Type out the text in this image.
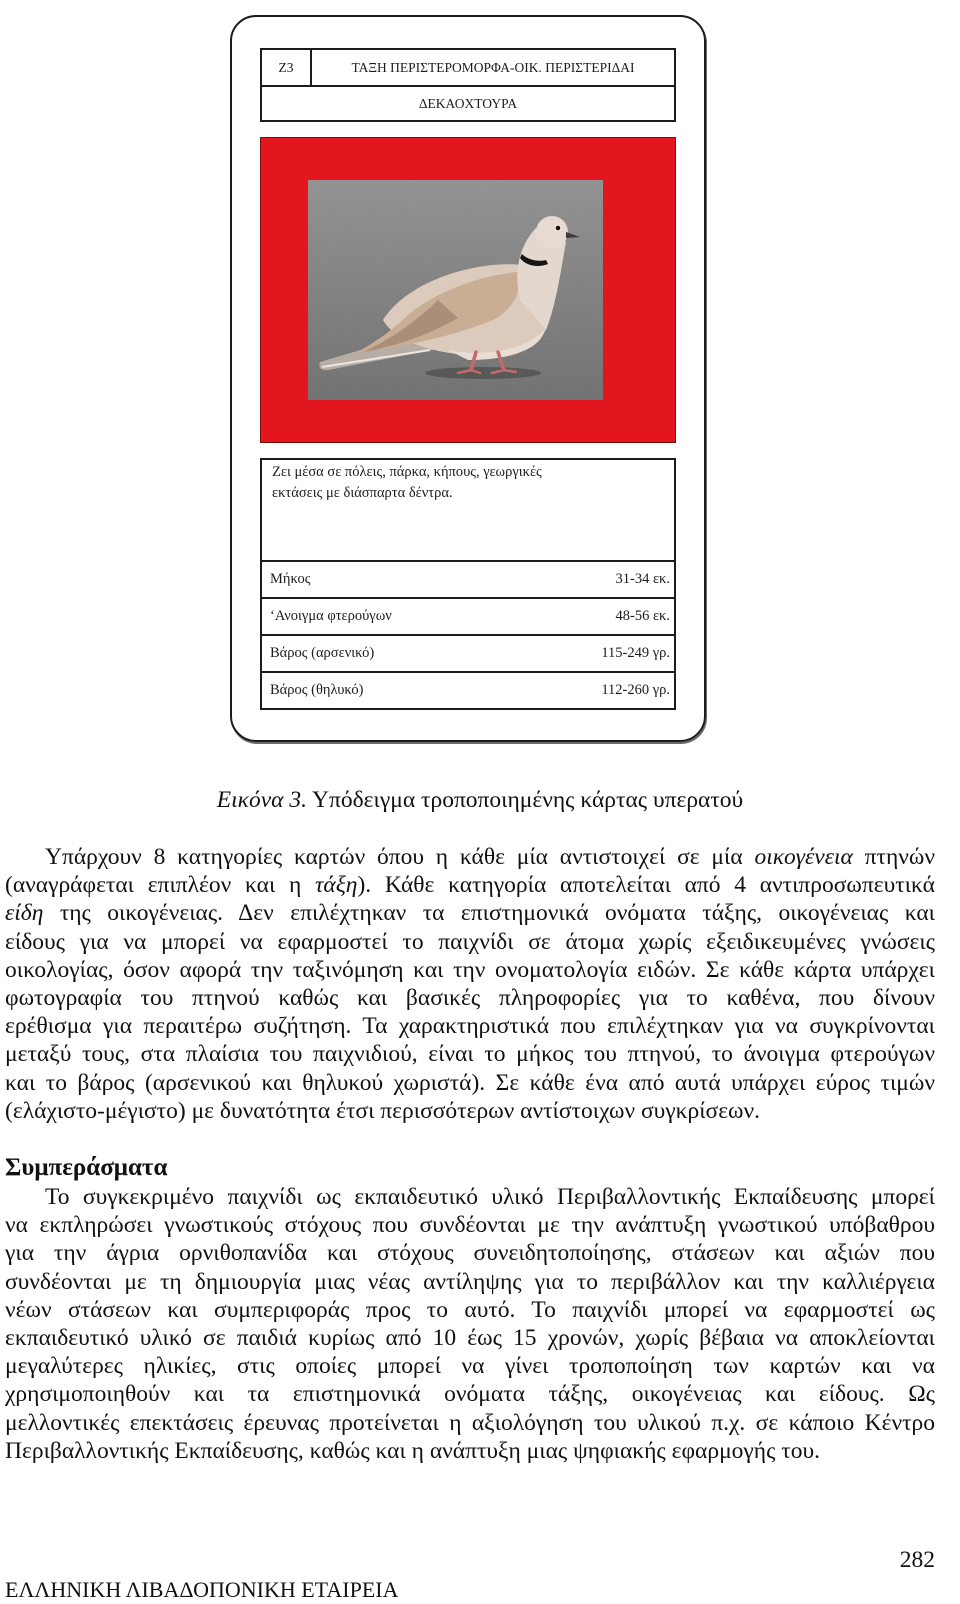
Ζ3	ΤΑΞΗ ΠΕΡΙΣΤΕΡΟΜΟΡΦΑ-ΟΙΚ. ΠΕΡΙΣΤΕΡΙΔΑΙ
ΔΕΚΑΟΧΤΟΥΡΑ
Ζει μέσα σε πόλεις, πάρκα, κήπους, γεωργικές
εκτάσεις με διάσπαρτα δέντρα.
Μήκος	31-34 εκ.
‘Ανοιγμα φτερούγων	48-56 εκ.
Βάρος (αρσενικό)	115-249 γρ.
Βάρος (θηλυκό)	112-260 γρ.
Εικόνα 3. Υπόδειγμα τροποποιημένης κάρτας υπερατού
Υπάρχουν 8 κατηγορίες καρτών όπου η κάθε μία αντιστοιχεί σε μία οικογένεια πτηνών
(αναγράφεται επιπλέον και η τάξη). Κάθε κατηγορία αποτελείται από 4 αντιπροσωπευτικά
είδη της οικογένειας. Δεν επιλέχτηκαν τα επιστημονικά ονόματα τάξης, οικογένειας και
είδους για να μπορεί να εφαρμοστεί το παιχνίδι σε άτομα χωρίς εξειδικευμένες γνώσεις
οικολογίας, όσον αφορά την ταξινόμηση και την ονοματολογία ειδών. Σε κάθε κάρτα υπάρχει
φωτογραφία του πτηνού καθώς και βασικές πληροφορίες για το καθένα, που δίνουν
ερέθισμα για περαιτέρω συζήτηση. Τα χαρακτηριστικά που επιλέχτηκαν για να συγκρίνονται
μεταξύ τους, στα πλαίσια του παιχνιδιού, είναι το μήκος του πτηνού, το άνοιγμα φτερούγων
και το βάρος (αρσενικού και θηλυκού χωριστά). Σε κάθε ένα από αυτά υπάρχει εύρος τιμών
(ελάχιστο-μέγιστο) με δυνατότητα έτσι περισσότερων αντίστοιχων συγκρίσεων.
Συμπεράσματα
Το συγκεκριμένο παιχνίδι ως εκπαιδευτικό υλικό Περιβαλλοντικής Εκπαίδευσης μπορεί
να εκπληρώσει γνωστικούς στόχους που συνδέονται με την ανάπτυξη γνωστικού υπόβαθρου
για την άγρια ορνιθοπανίδα και στόχους συνειδητοποίησης, στάσεων και αξιών που
συνδέονται με τη δημιουργία μιας νέας αντίληψης για το περιβάλλον και την καλλιέργεια
νέων στάσεων και συμπεριφοράς προς το αυτό. Το παιχνίδι μπορεί να εφαρμοστεί ως
εκπαιδευτικό υλικό σε παιδιά κυρίως από 10 έως 15 χρονών, χωρίς βέβαια να αποκλείονται
μεγαλύτερες ηλικίες, στις οποίες μπορεί να γίνει τροποποίηση των καρτών και να
χρησιμοποιηθούν και τα επιστημονικά ονόματα τάξης, οικογένειας και είδους. Ως
μελλοντικές επεκτάσεις έρευνας προτείνεται η αξιολόγηση του υλικού π.χ. σε κάποιο Κέντρο
Περιβαλλοντικής Εκπαίδευσης, καθώς και η ανάπτυξη μιας ψηφιακής εφαρμογής του.
282
ΕΛΛΗΝΙΚΗ ΛΙΒΑΔΟΠΟΝΙΚΗ ΕΤΑΙΡΕΙΑ
